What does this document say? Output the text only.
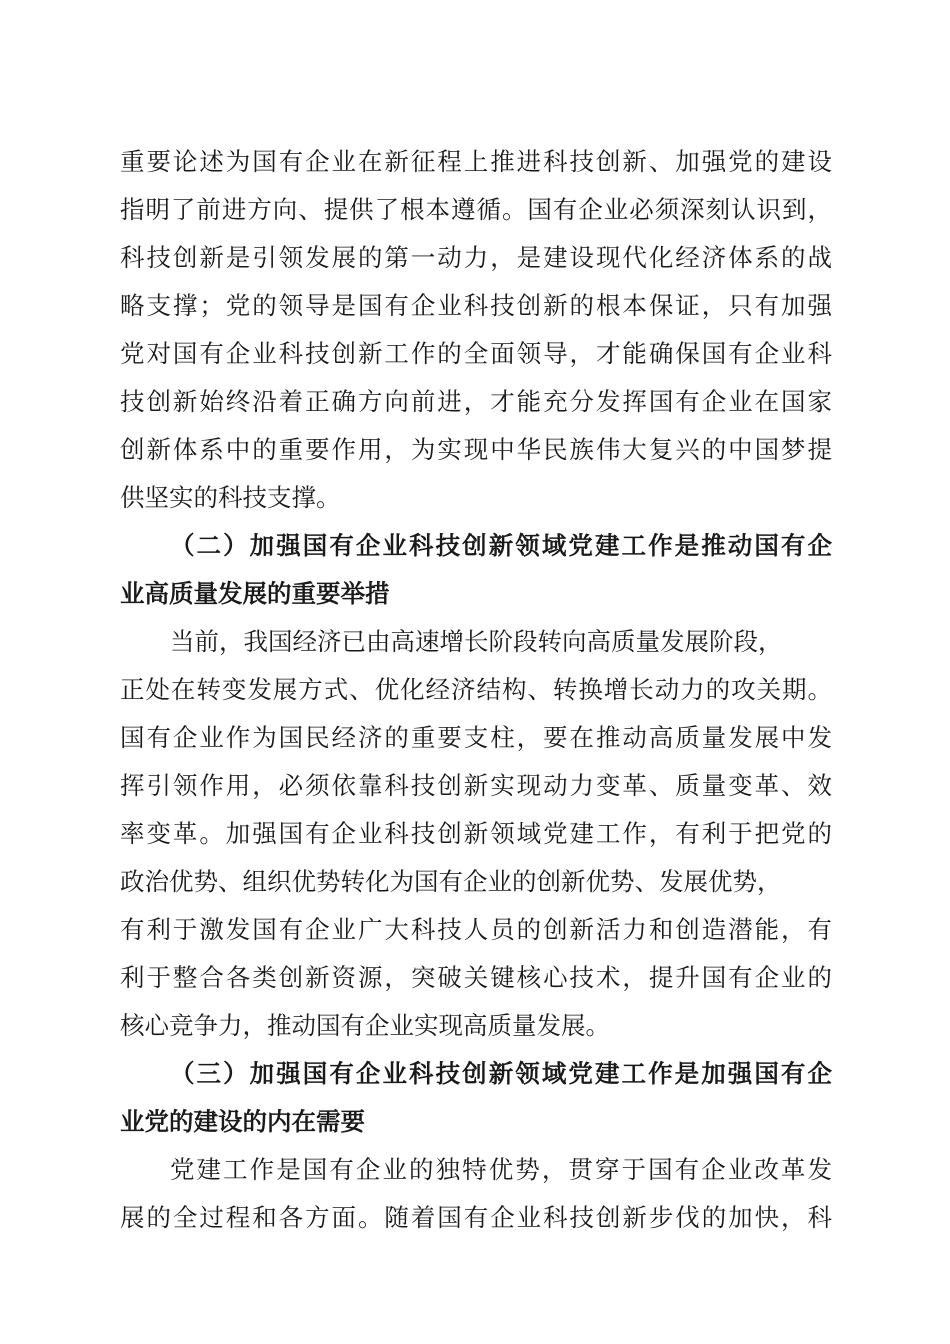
重要论述为国有企业在新征程上推进科技创新、加强党的建设
指明了前进方向、提供了根本遵循。国有企业必须深刻认识到，
科技创新是引领发展的第一动力，是建设现代化经济体系的战
略支撑；党的领导是国有企业科技创新的根本保证，只有加强
党对国有企业科技创新工作的全面领导，才能确保国有企业科
技创新始终沿着正确方向前进，才能充分发挥国有企业在国家
创新体系中的重要作用，为实现中华民族伟大复兴的中国梦提
供坚实的科技支撑。
（二）加强国有企业科技创新领域党建工作是推动国有企
业高质量发展的重要举措
当前，我国经济已由高速增长阶段转向高质量发展阶段，
正处在转变发展方式、优化经济结构、转换增长动力的攻关期。
国有企业作为国民经济的重要支柱，要在推动高质量发展中发
挥引领作用，必须依靠科技创新实现动力变革、质量变革、效
率变革。加强国有企业科技创新领域党建工作，有利于把党的
政治优势、组织优势转化为国有企业的创新优势、发展优势，
有利于激发国有企业广大科技人员的创新活力和创造潜能，有
利于整合各类创新资源，突破关键核心技术，提升国有企业的
核心竞争力，推动国有企业实现高质量发展。
（三）加强国有企业科技创新领域党建工作是加强国有企
业党的建设的内在需要
党建工作是国有企业的独特优势，贯穿于国有企业改革发
展的全过程和各方面。随着国有企业科技创新步伐的加快，科
